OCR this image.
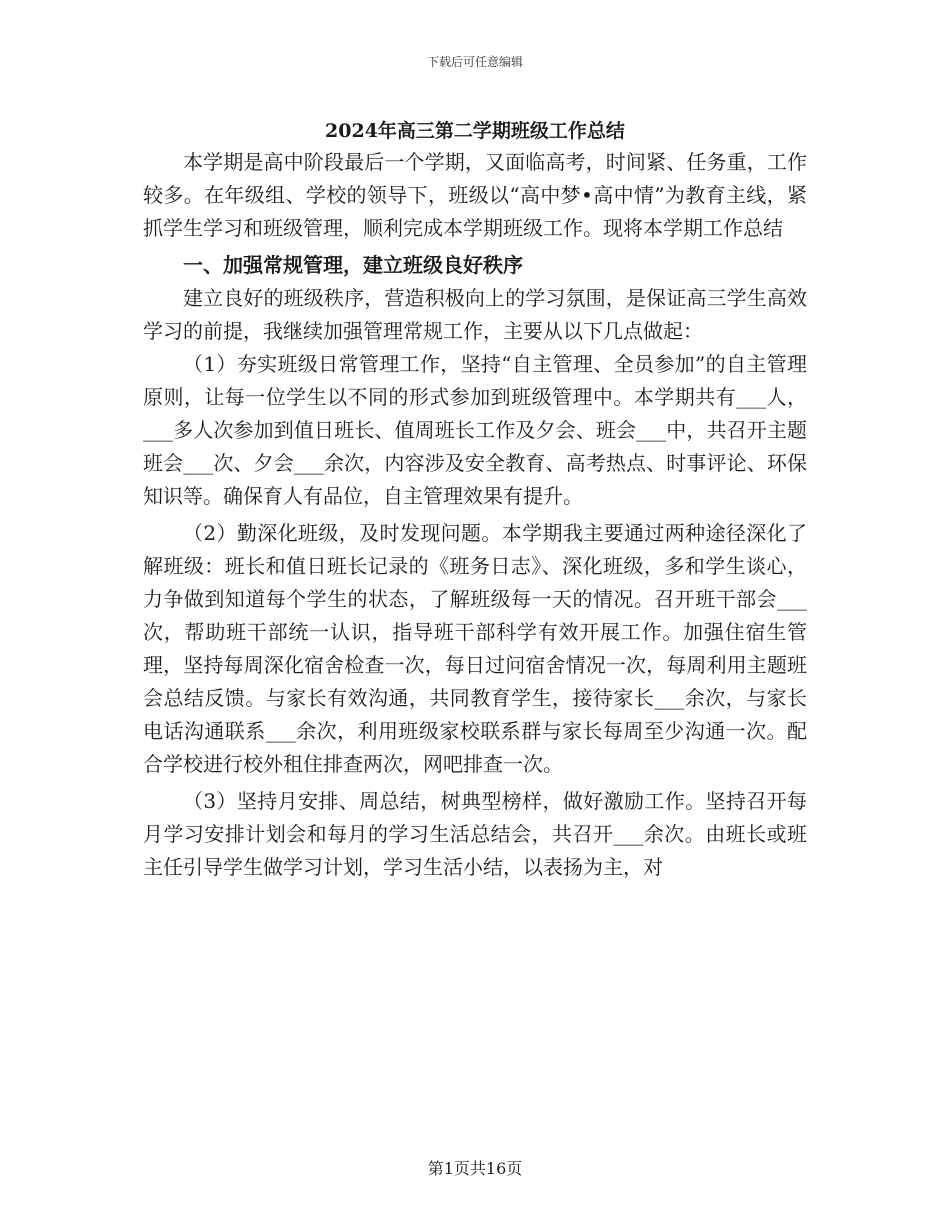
下载后可任意编辑
2024年高三第二学期班级工作总结

本学期是高中阶段最后一个学期，又面临高考，时间紧、任务重，工作较多。在年级组、学校的领导下，班级以“高中梦•高中情”为教育主线，紧抓学生学习和班级管理，顺利完成本学期班级工作。现将本学期工作总结

一、加强常规管理，建立班级良好秩序

建立良好的班级秩序，营造积极向上的学习氛围，是保证高三学生高效学习的前提，我继续加强管理常规工作，主要从以下几点做起：

（1）夯实班级日常管理工作，坚持“自主管理、全员参加”的自主管理原则，让每一位学生以不同的形式参加到班级管理中。本学期共有___人，___多人次参加到值日班长、值周班长工作及夕会、班会___中，共召开主题班会___次、夕会___余次，内容涉及安全教育、高考热点、时事评论、环保知识等。确保育人有品位，自主管理效果有提升。

（2）勤深化班级，及时发现问题。本学期我主要通过两种途径深化了解班级：班长和值日班长记录的《班务日志》、深化班级，多和学生谈心，力争做到知道每个学生的状态，了解班级每一天的情况。召开班干部会___次，帮助班干部统一认识，指导班干部科学有效开展工作。加强住宿生管理，坚持每周深化宿舍检查一次，每日过问宿舍情况一次，每周利用主题班会总结反馈。与家长有效沟通，共同教育学生，接待家长___余次，与家长电话沟通联系___余次，利用班级家校联系群与家长每周至少沟通一次。配合学校进行校外租住排查两次，网吧排查一次。

（3）坚持月安排、周总结，树典型榜样，做好激励工作。坚持召开每月学习安排计划会和每月的学习生活总结会，共召开___余次。由班长或班主任引导学生做学习计划，学习生活小结，以表扬为主，对

第1页共16页
